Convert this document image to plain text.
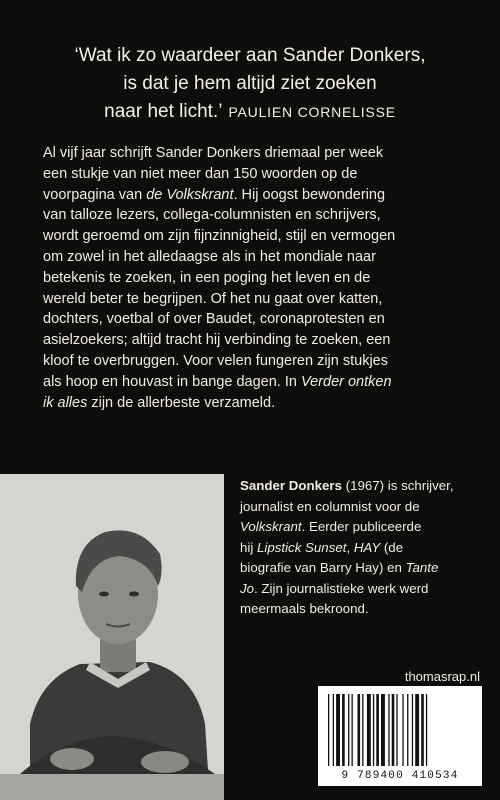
‘Wat ik zo waardeer aan Sander Donkers,
is dat je hem altijd ziet zoeken
naar het licht.’ PAULIEN CORNELISSE
Al vijf jaar schrijft Sander Donkers driemaal per week
een stukje van niet meer dan 150 woorden op de
voorpagina van de Volkskrant. Hij oogst bewondering
van talloze lezers, collega-columnisten en schrijvers,
wordt geroemd om zijn fijnzinnigheid, stijl en vermogen
om zowel in het alledaagse als in het mondiale naar
betekenis te zoeken, in een poging het leven en de
wereld beter te begrijpen. Of het nu gaat over katten,
dochters, voetbal of over Baudet, coronaprotesten en
asielzoekers; altijd tracht hij verbinding te zoeken, een
kloof te overbruggen. Voor velen fungeren zijn stukjes
als hoop en houvast in bange dagen. In Verder ontken
ik alles zijn de allerbeste verzameld.
Sander Donkers (1967) is schrijver,
journalist en columnist voor de
Volkskrant. Eerder publiceerde
hij Lipstick Sunset, HAY (de
biografie van Barry Hay) en Tante
Jo. Zijn journalistieke werk werd
meermaals bekroond.
thomasrap.nl
9 789400 410534
